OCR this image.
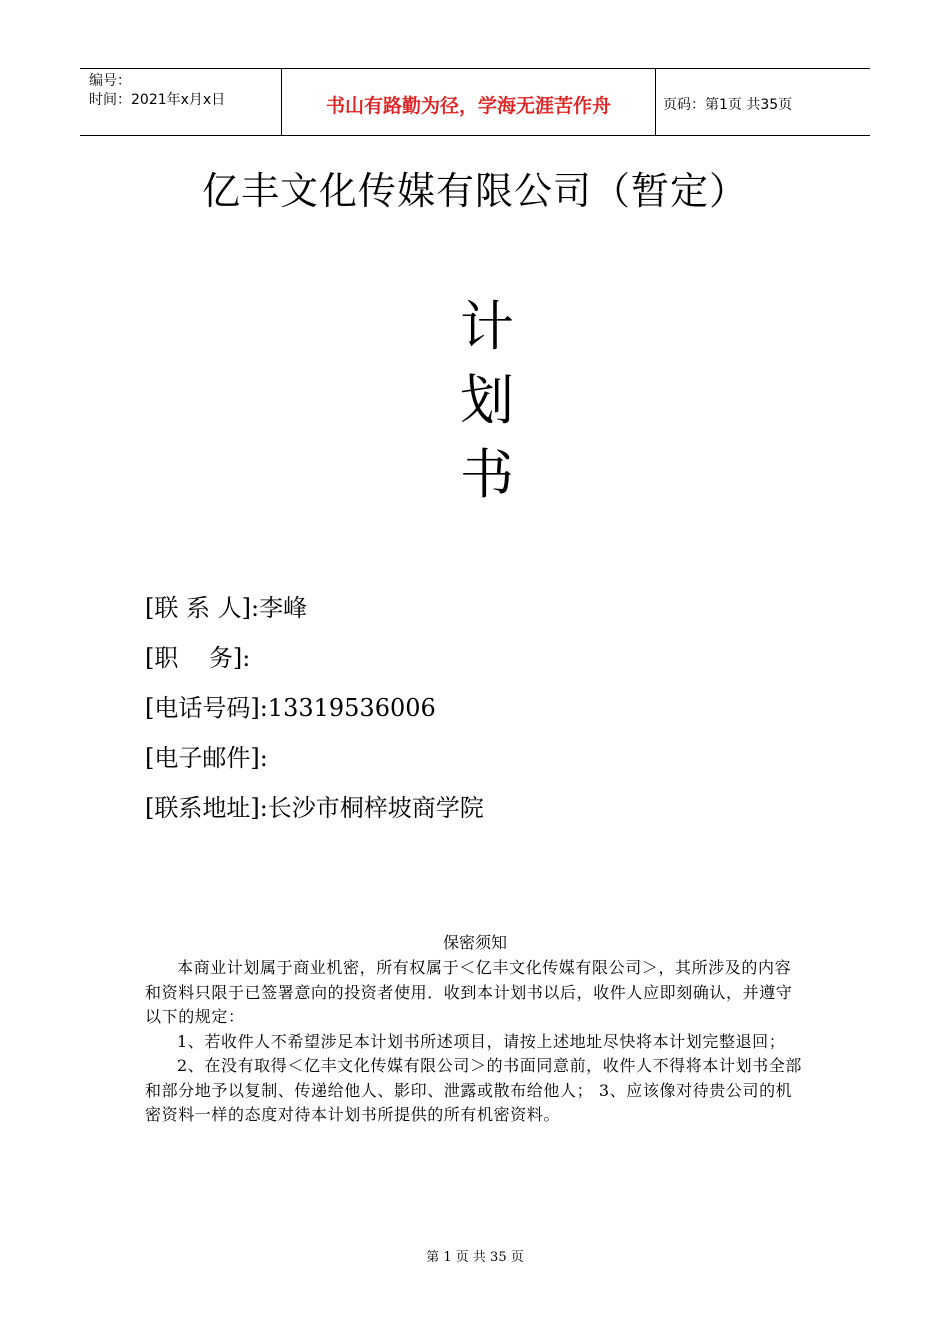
编号：
时间：2021年x月x日	书山有路勤为径，学海无涯苦作舟	页码：第1页 共35页
亿丰文化传媒有限公司（暂定）
计
划
书
[联 系 人]:李峰
[职    务]:
[电话号码]:13319536006
[电子邮件]:
[联系地址]:长沙市桐梓坡商学院
保密须知

本商业计划属于商业机密，所有权属于＜亿丰文化传媒有限公司＞，其所涉及的内容和资料只限于已签署意向的投资者使用．收到本计划书以后，收件人应即刻确认，并遵守以下的规定：

1、若收件人不希望涉足本计划书所述项目，请按上述地址尽快将本计划完整退回；

2、在没有取得＜亿丰文化传媒有限公司＞的书面同意前，收件人不得将本计划书全部和部分地予以复制、传递给他人、影印、泄露或散布给他人； 3、应该像对待贵公司的机密资料一样的态度对待本计划书所提供的所有机密资料。

第 1 页 共 35 页
